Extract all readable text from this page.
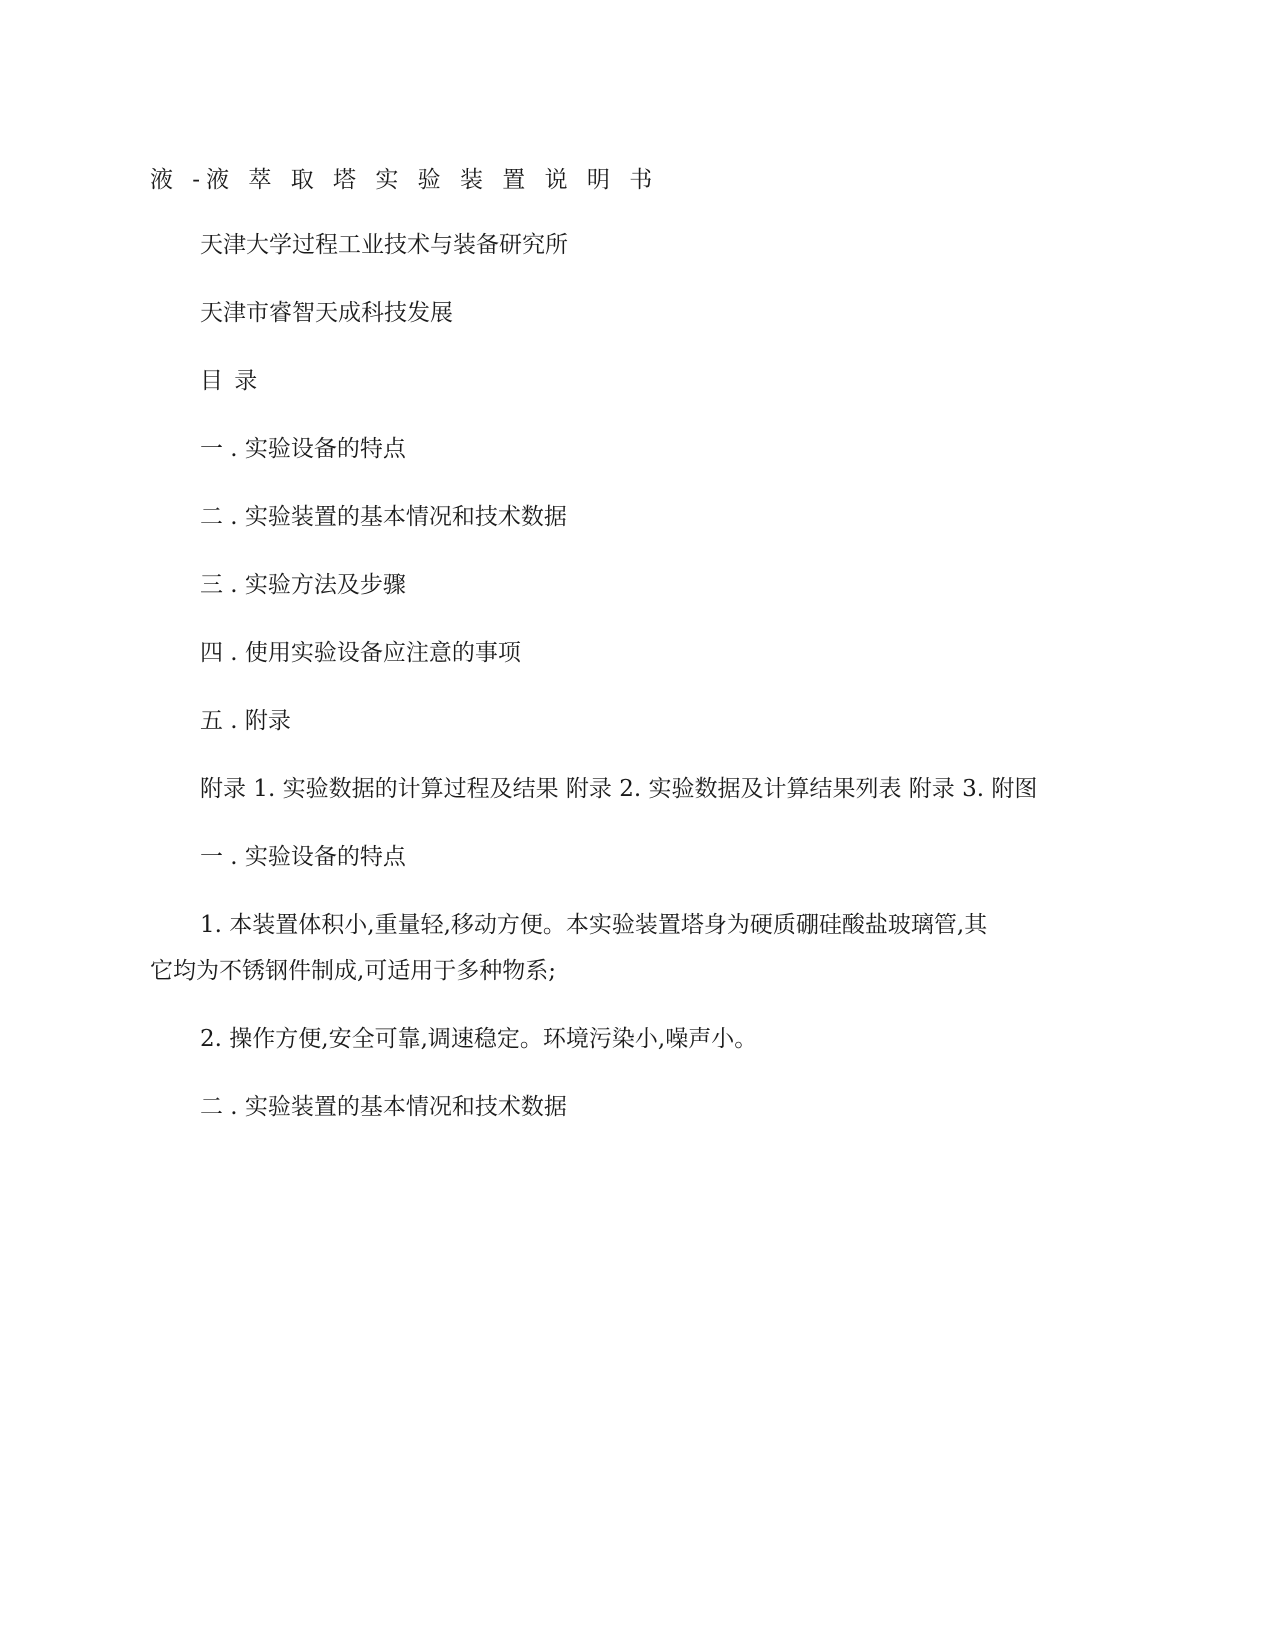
液 -液 萃 取 塔 实 验 装 置 说 明 书
天津大学过程工业技术与装备研究所
天津市睿智天成科技发展
目 录
一 . 实验设备的特点
二 . 实验装置的基本情况和技术数据
三 . 实验方法及步骤
四 . 使用实验设备应注意的事项
五 . 附录
附录 1. 实验数据的计算过程及结果 附录 2. 实验数据及计算结果列表 附录 3. 附图
一 . 实验设备的特点
1. 本装置体积小,重量轻,移动方便。本实验装置塔身为硬质硼硅酸盐玻璃管,其
它均为不锈钢件制成,可适用于多种物系;
2. 操作方便,安全可靠,调速稳定。环境污染小,噪声小。
二 . 实验装置的基本情况和技术数据
